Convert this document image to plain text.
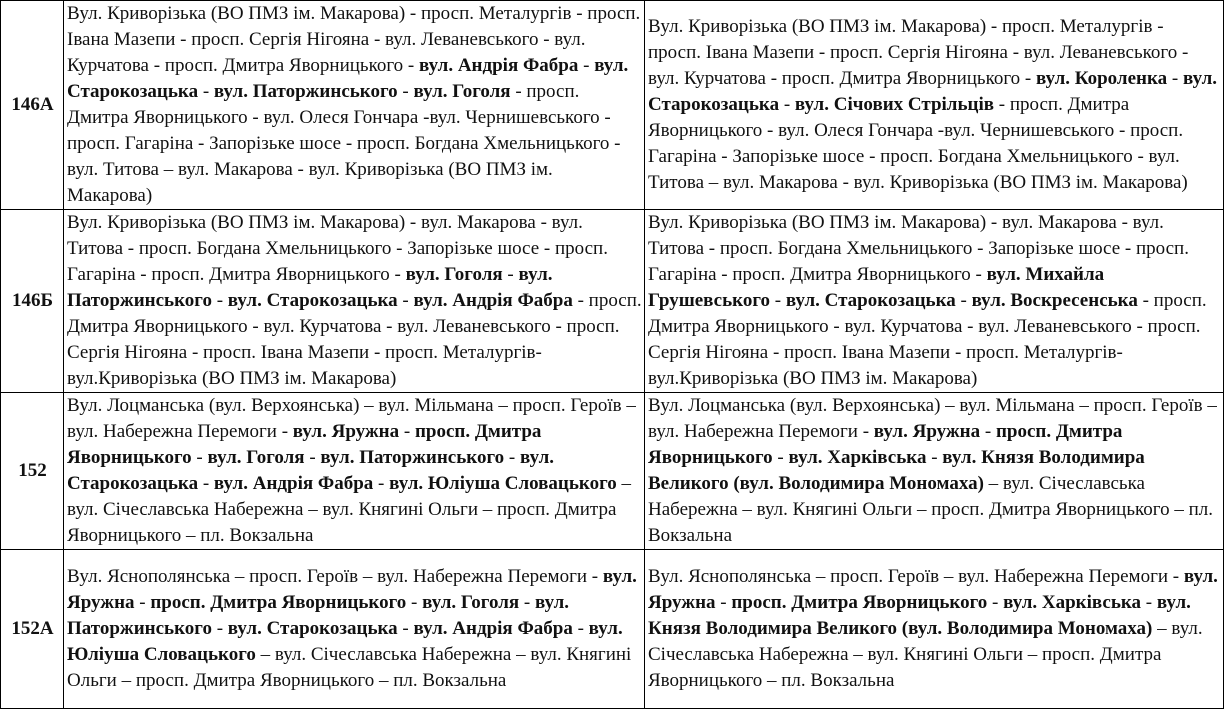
146А	Вул. Криворізька (ВО ПМЗ ім. Макарова) - просп. Металургів - просп. Івана Мазепи - просп. Сергія Нігояна - вул. Леваневського - вул. Курчатова - просп. Дмитра Яворницького - вул. Андрія Фабра - вул. Старокозацька - вул. Паторжинського - вул. Гоголя - просп. Дмитра Яворницького - вул. Олеся Гончара -вул. Чернишевського - просп. Гагаріна - Запорізьке шосе - просп. Богдана Хмельницького - вул. Титова – вул. Макарова - вул. Криворізька (ВО ПМЗ ім. Макарова)	Вул. Криворізька (ВО ПМЗ ім. Макарова) - просп. Металургів - просп. Івана Мазепи - просп. Сергія Нігояна - вул. Леваневського - вул. Курчатова - просп. Дмитра Яворницького - вул. Короленка - вул. Старокозацька - вул. Січових Стрільців - просп. Дмитра Яворницького - вул. Олеся Гончара -вул. Чернишевського - просп. Гагаріна - Запорізьке шосе - просп. Богдана Хмельницького - вул. Титова – вул. Макарова - вул. Криворізька (ВО ПМЗ ім. Макарова)
146Б	Вул. Криворізька (ВО ПМЗ ім. Макарова) - вул. Макарова - вул. Титова - просп. Богдана Хмельницького - Запорізьке шосе - просп. Гагаріна - просп. Дмитра Яворницького - вул. Гоголя - вул. Паторжинського - вул. Старокозацька - вул. Андрія Фабра - просп. Дмитра Яворницького - вул. Курчатова - вул. Леваневського - просп. Сергія Нігояна - просп. Івана Мазепи - просп. Металургів- вул.Криворізька (ВО ПМЗ ім. Макарова)	Вул. Криворізька (ВО ПМЗ ім. Макарова) - вул. Макарова - вул. Титова - просп. Богдана Хмельницького - Запорізьке шосе - просп. Гагаріна - просп. Дмитра Яворницького - вул. Михайла Грушевського - вул. Старокозацька - вул. Воскресенська - просп. Дмитра Яворницького - вул. Курчатова - вул. Леваневського - просп. Сергія Нігояна - просп. Івана Мазепи - просп. Металургів- вул.Криворізька (ВО ПМЗ ім. Макарова)
152	Вул. Лоцманська (вул. Верхоянська) – вул. Мільмана – просп. Героїв – вул. Набережна Перемоги - вул. Яружна - просп. Дмитра Яворницького - вул. Гоголя - вул. Паторжинського - вул. Старокозацька - вул. Андрія Фабра - вул. Юліуша Словацького – вул. Січеславська Набережна – вул. Княгині Ольги – просп. Дмитра Яворницького – пл. Вокзальна	Вул. Лоцманська (вул. Верхоянська) – вул. Мільмана – просп. Героїв – вул. Набережна Перемоги - вул. Яружна - просп. Дмитра Яворницького - вул. Харківська - вул. Князя Володимира Великого (вул. Володимира Мономаха) – вул. Січеславська Набережна – вул. Княгині Ольги – просп. Дмитра Яворницького – пл. Вокзальна
152А	Вул. Яснополянська – просп. Героїв – вул. Набережна Перемоги - вул. Яружна - просп. Дмитра Яворницького - вул. Гоголя - вул. Паторжинського - вул. Старокозацька - вул. Андрія Фабра - вул. Юліуша Словацького – вул. Січеславська Набережна – вул. Княгині Ольги – просп. Дмитра Яворницького – пл. Вокзальна	Вул. Яснополянська – просп. Героїв – вул. Набережна Перемоги - вул. Яружна - просп. Дмитра Яворницького - вул. Харківська - вул. Князя Володимира Великого (вул. Володимира Мономаха) – вул. Січеславська Набережна – вул. Княгині Ольги – просп. Дмитра Яворницького – пл. Вокзальна
